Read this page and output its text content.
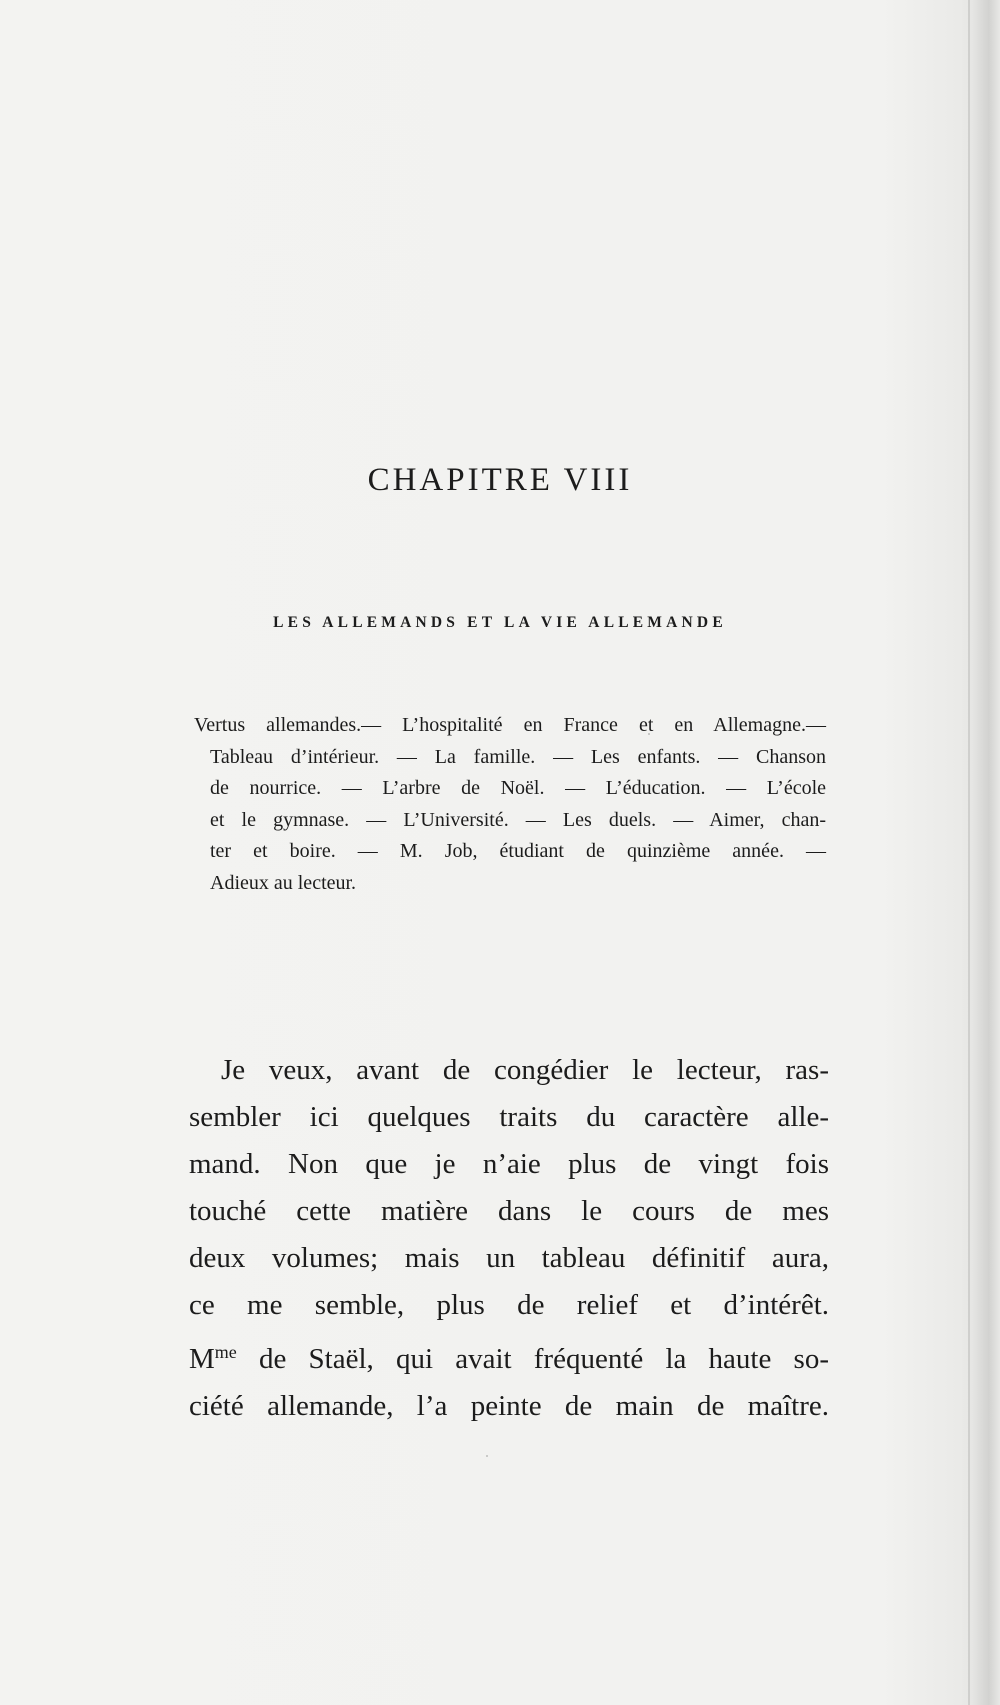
CHAPITRE VIII
LES ALLEMANDS ET LA VIE ALLEMANDE
Vertus allemandes.— L’hospitalité en France et en Allemagne.—
Tableau d’intérieur. — La famille. — Les enfants. — Chanson
de nourrice. — L’arbre de Noël. — L’éducation. — L’école
et le gymnase. — L’Université. — Les duels. — Aimer, chan-
ter et boire. — M. Job, étudiant de quinzième année. —
Adieux au lecteur.
Je veux, avant de congédier le lecteur, ras-
sembler ici quelques traits du caractère alle-
mand. Non que je n’aie plus de vingt fois
touché cette matière dans le cours de mes
deux volumes; mais un tableau définitif aura,
ce me semble, plus de relief et d’intérêt.
$M^{me}$ de Staël, qui avait fréquenté la haute so-
ciété allemande, l’a peinte de main de maître.
